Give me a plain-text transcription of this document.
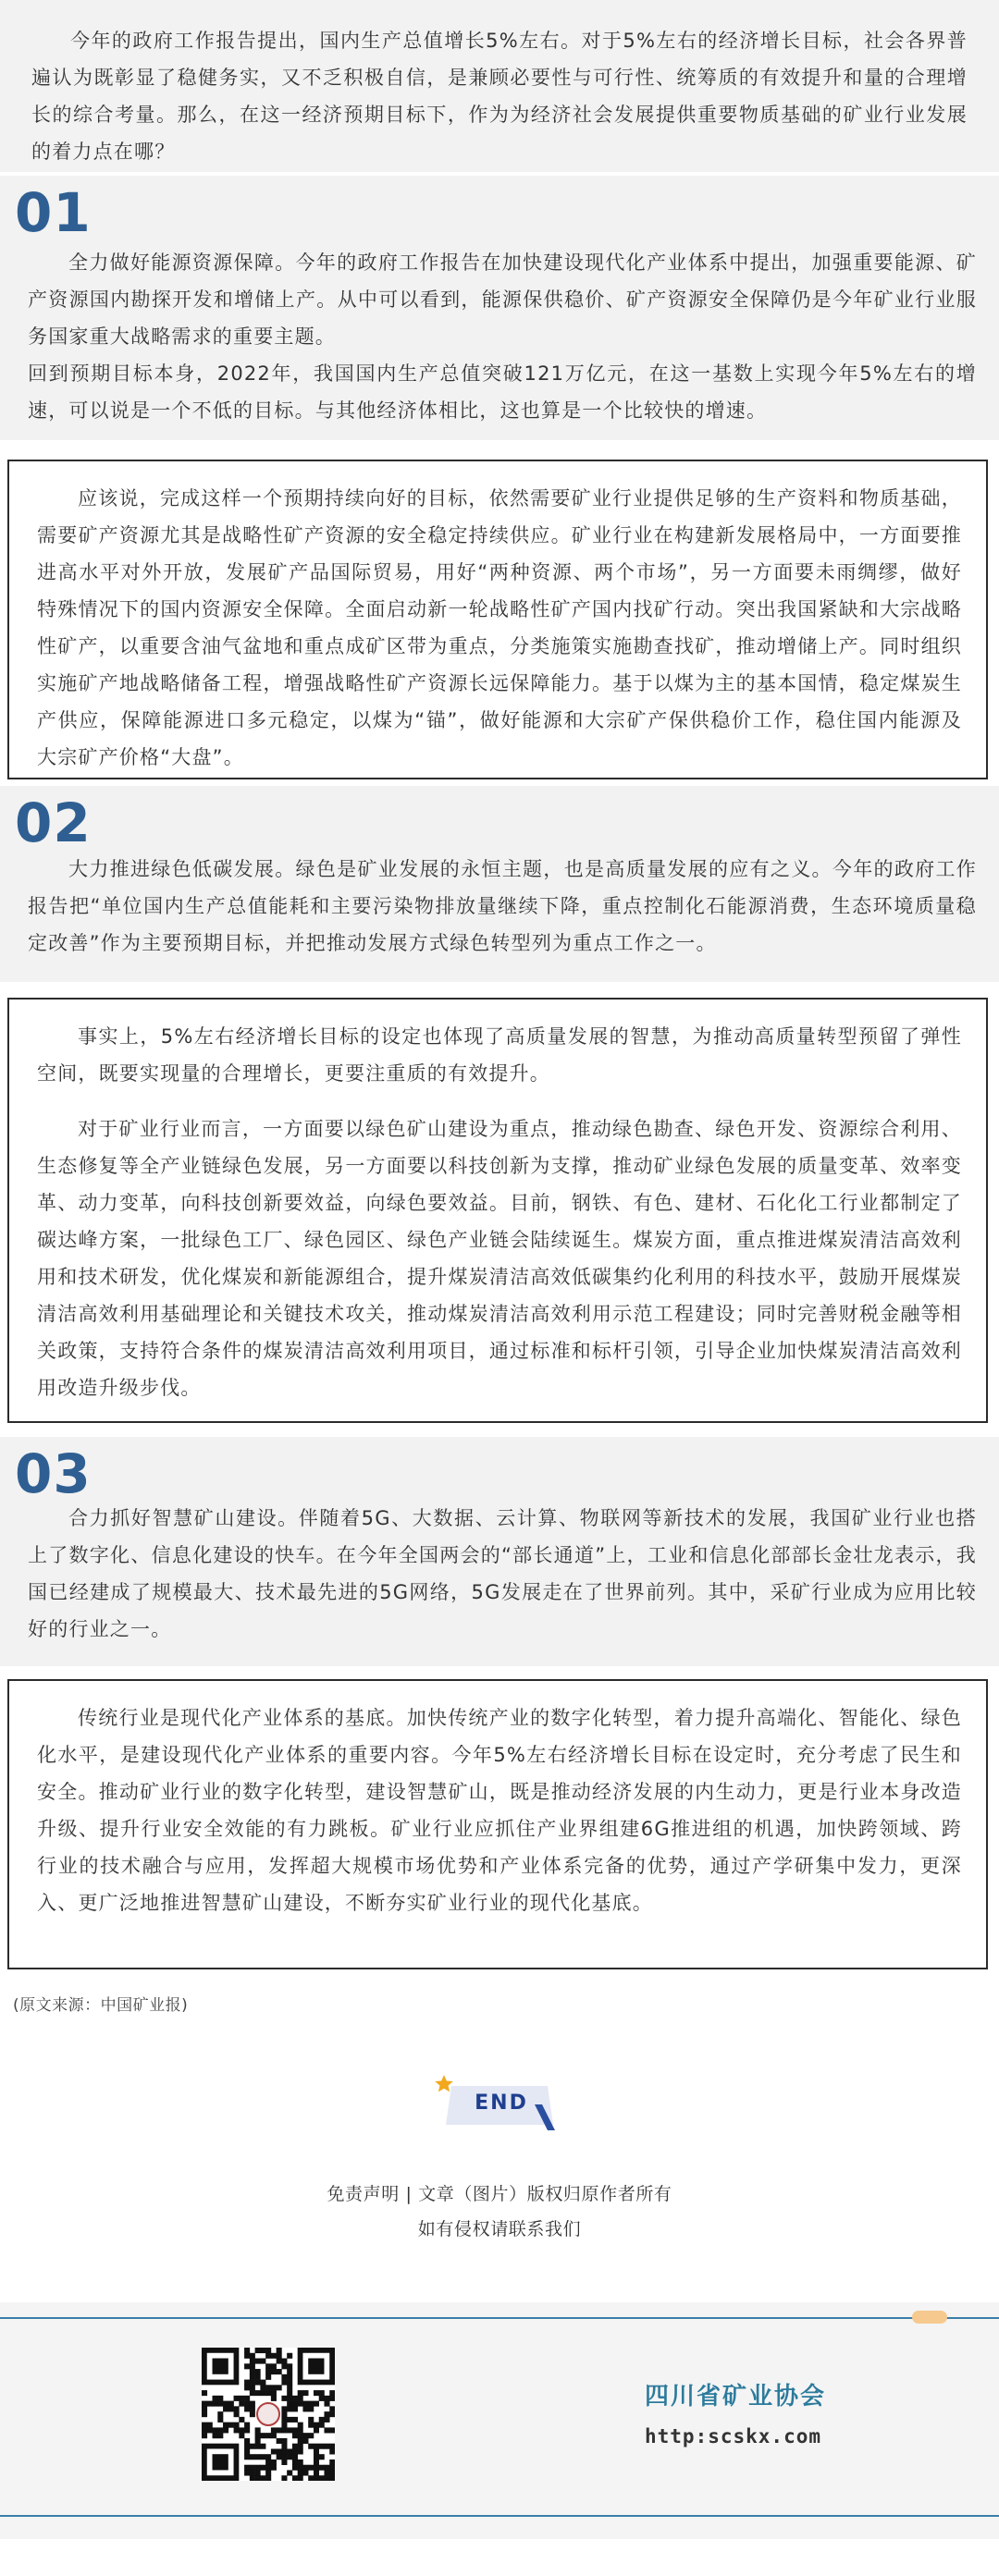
今年的政府工作报告提出，国内生产总值增长5%左右。对于5%左右的经济增长目标，社会各界普遍认为既彰显了稳健务实，又不乏积极自信，是兼顾必要性与可行性、统筹质的有效提升和量的合理增长的综合考量。那么，在这一经济预期目标下，作为为经济社会发展提供重要物质基础的矿业行业发展的着力点在哪？

01

全力做好能源资源保障。今年的政府工作报告在加快建设现代化产业体系中提出，加强重要能源、矿产资源国内勘探开发和增储上产。从中可以看到，能源保供稳价、矿产资源安全保障仍是今年矿业行业服务国家重大战略需求的重要主题。

回到预期目标本身，2022年，我国国内生产总值突破121万亿元，在这一基数上实现今年5%左右的增速，可以说是一个不低的目标。与其他经济体相比，这也算是一个比较快的增速。

应该说，完成这样一个预期持续向好的目标，依然需要矿业行业提供足够的生产资料和物质基础，需要矿产资源尤其是战略性矿产资源的安全稳定持续供应。矿业行业在构建新发展格局中，一方面要推进高水平对外开放，发展矿产品国际贸易，用好“两种资源、两个市场”，另一方面要未雨绸缪，做好特殊情况下的国内资源安全保障。全面启动新一轮战略性矿产国内找矿行动。突出我国紧缺和大宗战略性矿产，以重要含油气盆地和重点成矿区带为重点，分类施策实施勘查找矿，推动增储上产。同时组织实施矿产地战略储备工程，增强战略性矿产资源长远保障能力。基于以煤为主的基本国情，稳定煤炭生产供应，保障能源进口多元稳定，以煤为“锚”，做好能源和大宗矿产保供稳价工作，稳住国内能源及大宗矿产价格“大盘”。

02

大力推进绿色低碳发展。绿色是矿业发展的永恒主题，也是高质量发展的应有之义。今年的政府工作报告把“单位国内生产总值能耗和主要污染物排放量继续下降，重点控制化石能源消费，生态环境质量稳定改善”作为主要预期目标，并把推动发展方式绿色转型列为重点工作之一。

事实上，5%左右经济增长目标的设定也体现了高质量发展的智慧，为推动高质量转型预留了弹性空间，既要实现量的合理增长，更要注重质的有效提升。

对于矿业行业而言，一方面要以绿色矿山建设为重点，推动绿色勘查、绿色开发、资源综合利用、生态修复等全产业链绿色发展，另一方面要以科技创新为支撑，推动矿业绿色发展的质量变革、效率变革、动力变革，向科技创新要效益，向绿色要效益。目前，钢铁、有色、建材、石化化工行业都制定了碳达峰方案，一批绿色工厂、绿色园区、绿色产业链会陆续诞生。煤炭方面，重点推进煤炭清洁高效利用和技术研发，优化煤炭和新能源组合，提升煤炭清洁高效低碳集约化利用的科技水平，鼓励开展煤炭清洁高效利用基础理论和关键技术攻关，推动煤炭清洁高效利用示范工程建设；同时完善财税金融等相关政策，支持符合条件的煤炭清洁高效利用项目，通过标准和标杆引领，引导企业加快煤炭清洁高效利用改造升级步伐。

03

合力抓好智慧矿山建设。伴随着5G、大数据、云计算、物联网等新技术的发展，我国矿业行业也搭上了数字化、信息化建设的快车。在今年全国两会的“部长通道”上，工业和信息化部部长金壮龙表示，我国已经建成了规模最大、技术最先进的5G网络，5G发展走在了世界前列。其中，采矿行业成为应用比较好的行业之一。

传统行业是现代化产业体系的基底。加快传统产业的数字化转型，着力提升高端化、智能化、绿色化水平，是建设现代化产业体系的重要内容。今年5%左右经济增长目标在设定时，充分考虑了民生和安全。推动矿业行业的数字化转型，建设智慧矿山，既是推动经济发展的内生动力，更是行业本身改造升级、提升行业安全效能的有力跳板。矿业行业应抓住产业界组建6G推进组的机遇，加快跨领域、跨行业的技术融合与应用，发挥超大规模市场优势和产业体系完备的优势，通过产学研集中发力，更深入、更广泛地推进智慧矿山建设，不断夯实矿业行业的现代化基底。

(原文来源：中国矿业报)
END
免责声明 | 文章（图片）版权归原作者所有
如有侵权请联系我们
四川省矿业协会
http:scskx.com
